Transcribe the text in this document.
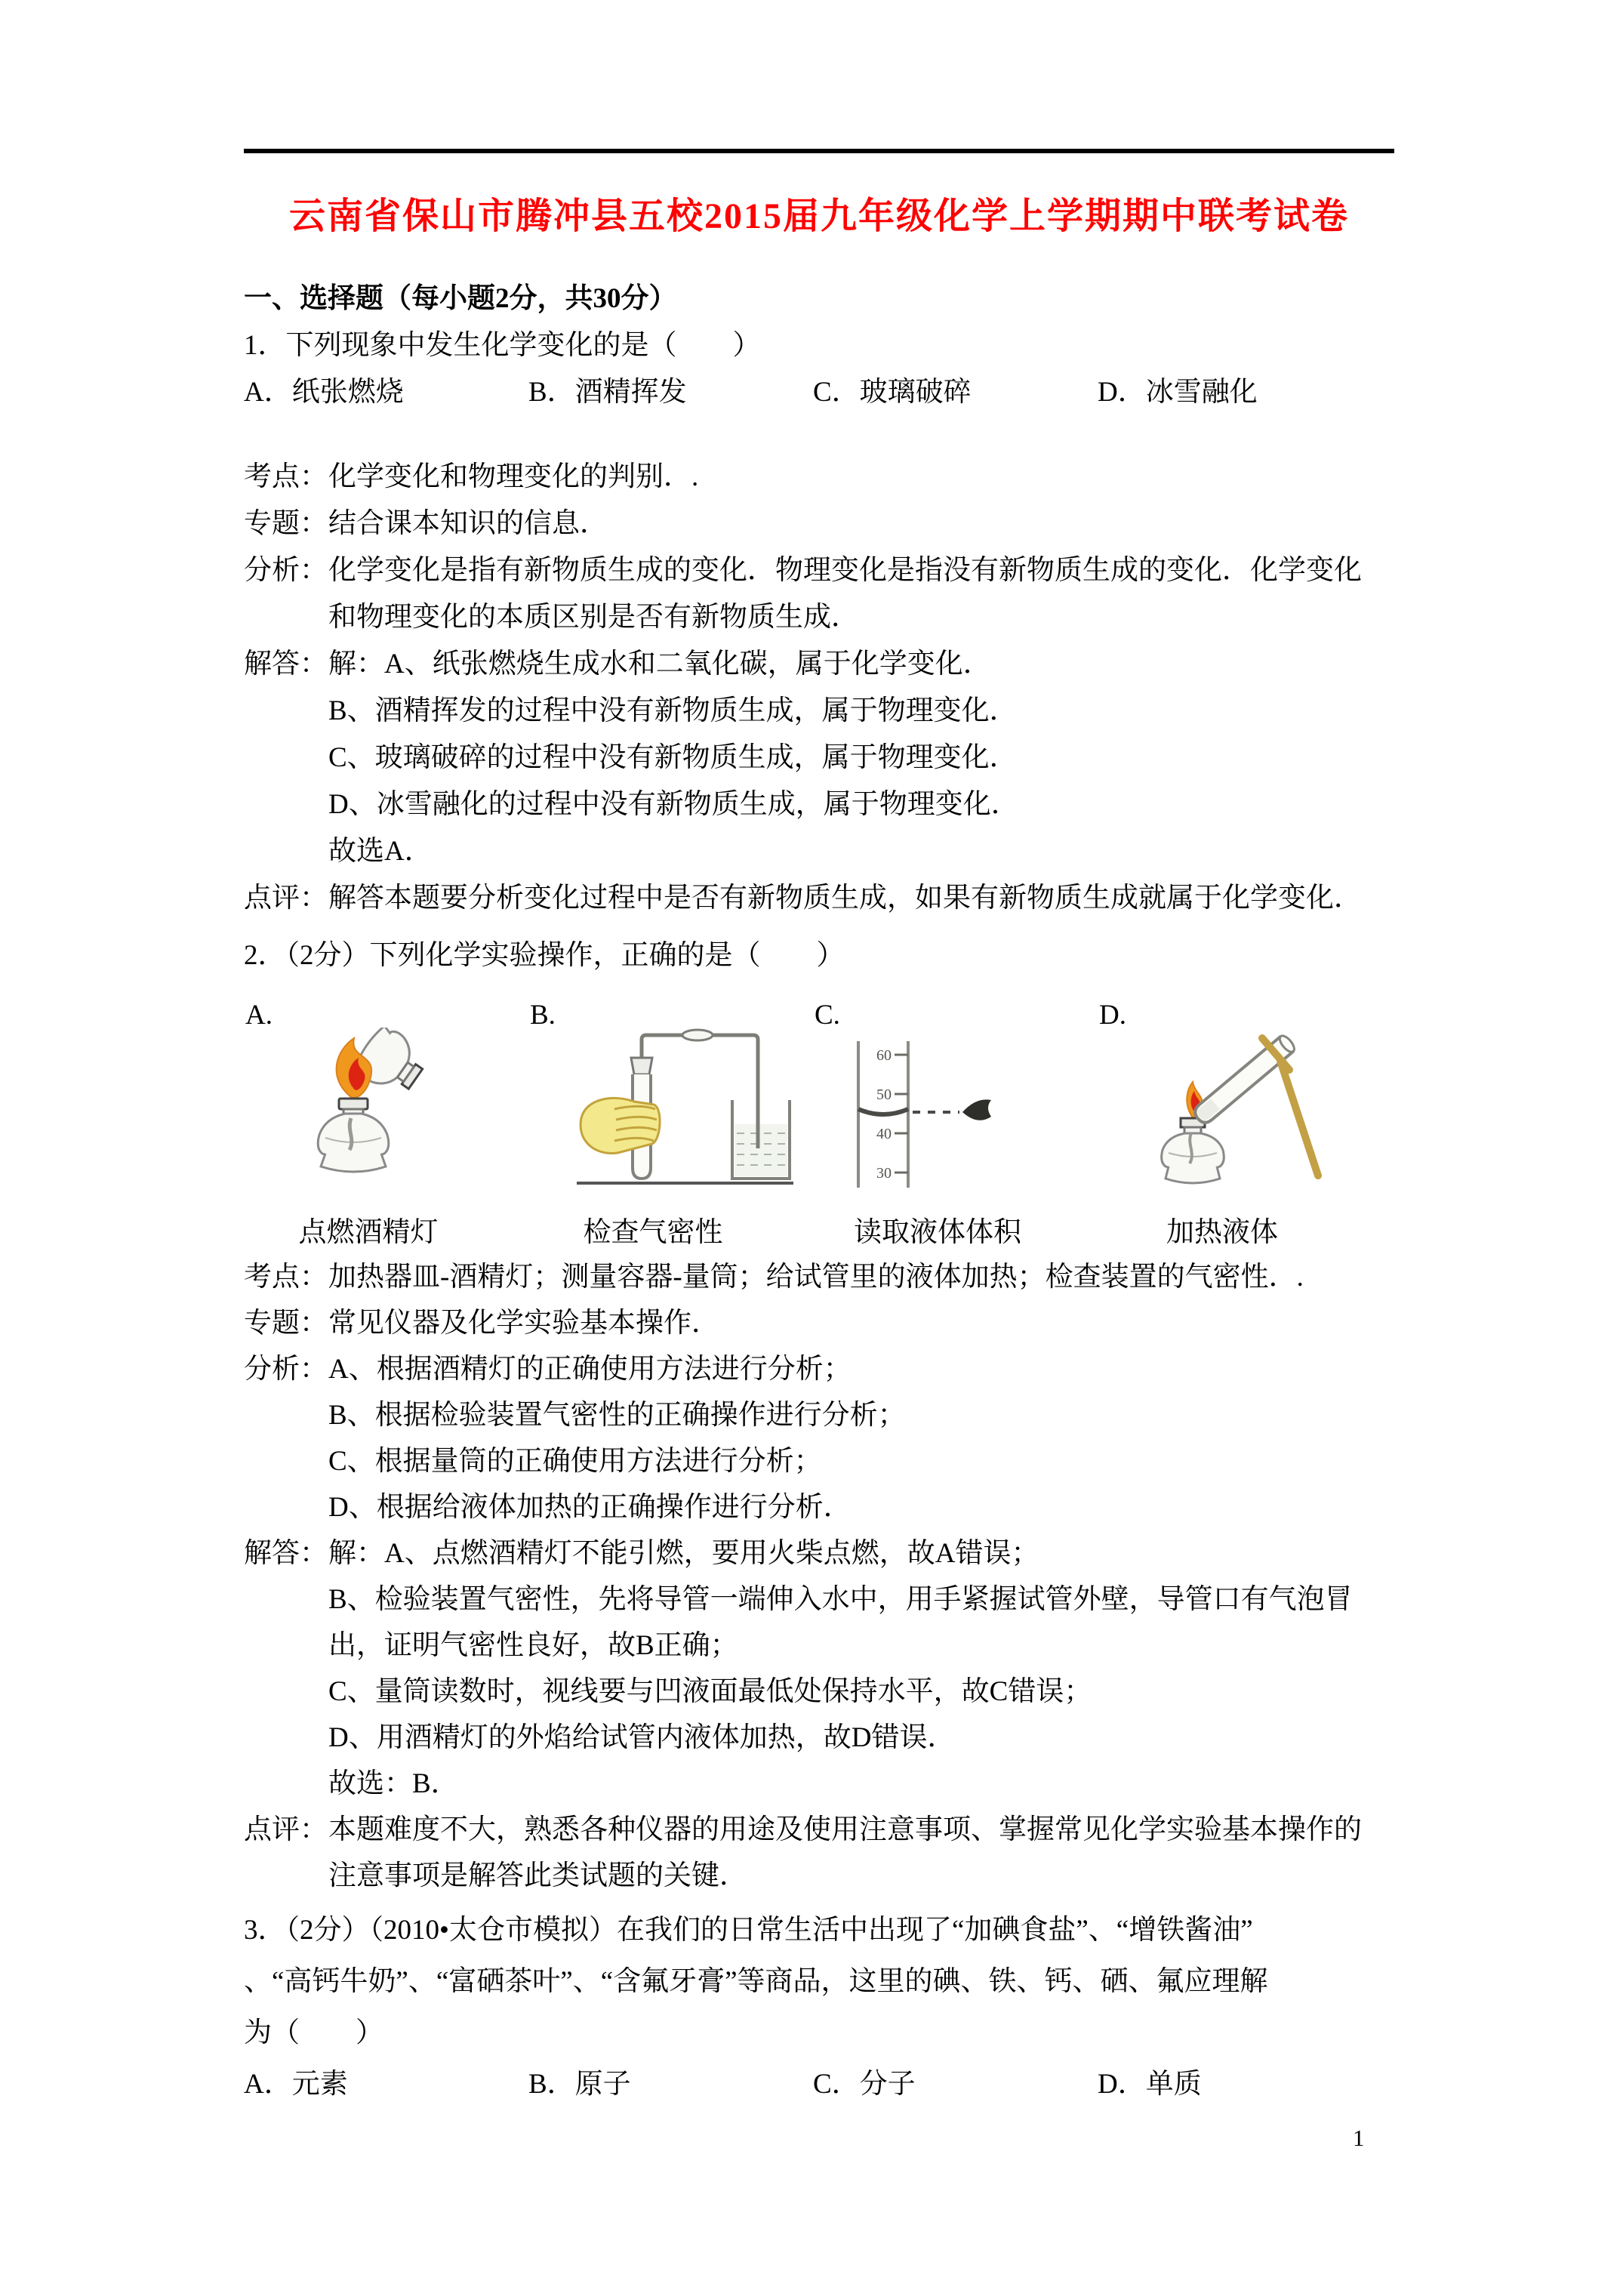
云南省保山市腾冲县五校2015届九年级化学上学期期中联考试卷
一、选择题（每小题2分，共30分）
1．下列现象中发生化学变化的是（　　）
A．纸张燃烧	B．酒精挥发	C．玻璃破碎	D．冰雪融化
考点： 化学变化和物理变化的判别．.
专题： 结合课本知识的信息．
分析： 化学变化是指有新物质生成的变化．物理变化是指没有新物质生成的变化．化学变化
和物理变化的本质区别是否有新物质生成．
解答： 解：A、纸张燃烧生成水和二氧化碳，属于化学变化．
B、酒精挥发的过程中没有新物质生成，属于物理变化．
C、玻璃破碎的过程中没有新物质生成，属于物理变化．
D、冰雪融化的过程中没有新物质生成，属于物理变化．
故选A．
点评： 解答本题要分析变化过程中是否有新物质生成，如果有新物质生成就属于化学变化．
2．（2分）下列化学实验操作，正确的是（　　）
A.
点燃酒精灯
B.
检查气密性
C.
60
50
40
30
读取液体体积
D.
加热液体
考点： 加热器皿-酒精灯；测量容器-量筒；给试管里的液体加热；检查装置的气密性．.
专题： 常见仪器及化学实验基本操作．
分析： A、根据酒精灯的正确使用方法进行分析；
B、根据检验装置气密性的正确操作进行分析；
C、根据量筒的正确使用方法进行分析；
D、根据给液体加热的正确操作进行分析．
解答： 解：A、点燃酒精灯不能引燃，要用火柴点燃，故A错误；
B、检验装置气密性，先将导管一端伸入水中，用手紧握试管外壁，导管口有气泡冒
出，证明气密性良好，故B正确；
C、量筒读数时，视线要与凹液面最低处保持水平，故C错误；
D、用酒精灯的外焰给试管内液体加热，故D错误．
故选：B．
点评： 本题难度不大，熟悉各种仪器的用途及使用注意事项、掌握常见化学实验基本操作的
注意事项是解答此类试题的关键．
3．（2分）（2010•太仓市模拟）在我们的日常生活中出现了“加碘食盐”、“增铁酱油”
、“高钙牛奶”、“富硒茶叶”、“含氟牙膏”等商品，这里的碘、铁、钙、硒、氟应理解
为（　　）
A．元素	B．原子	C．分子	D．单质
1
